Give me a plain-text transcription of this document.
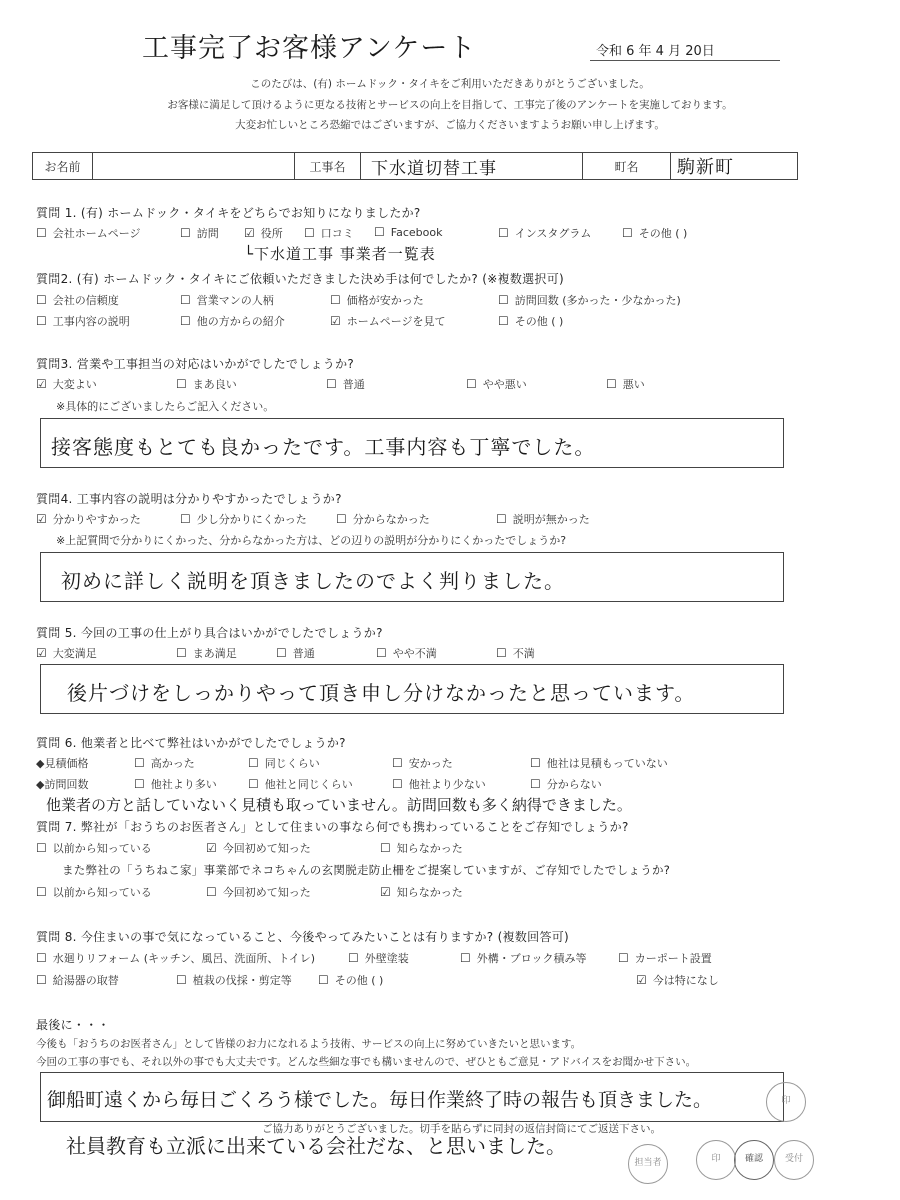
工事完了お客様アンケート	令和 6 年 4 月 20日
このたびは、(有) ホームドック・タイキをご利用いただきありがとうございました。
お客様に満足して頂けるように更なる技術とサービスの向上を目指して、工事完了後のアンケートを実施しております。
大変お忙しいところ恐縮ではございますが、ご協力くださいますようお願い申し上げます。
お名前	工事名	下水道切替工事	町名	駒新町
質問 1. (有) ホームドック・タイキをどちらでお知りになりましたか?
☐ 会社ホームページ	☐ 訪問	☑ 役所	☐ 口コミ	☐ Facebook	☐ インスタグラム	☐ その他 ( )
└下水道工事 事業者一覧表
質問2. (有) ホームドック・タイキにご依頼いただきました決め手は何でしたか? (※複数選択可)
☐ 会社の信頼度	☐ 営業マンの人柄	☐ 価格が安かった	☐ 訪問回数 (多かった・少なかった)
☐ 工事内容の説明	☐ 他の方からの紹介	☑ ホームページを見て	☐ その他 ( )
質問3. 営業や工事担当の対応はいかがでしたでしょうか?
☑ 大変よい	☐ まあ良い	☐ 普通	☐ やや悪い	☐ 悪い
※具体的にございましたらご記入ください。
接客態度もとても良かったです。工事内容も丁寧でした。
質問4. 工事内容の説明は分かりやすかったでしょうか?
☑ 分かりやすかった	☐ 少し分かりにくかった	☐ 分からなかった	☐ 説明が無かった
※上記質問で分かりにくかった、分からなかった方は、どの辺りの説明が分かりにくかったでしょうか?
初めに詳しく説明を頂きましたのでよく判りました。
質問 5. 今回の工事の仕上がり具合はいかがでしたでしょうか?
☑ 大変満足	☐ まあ満足	☐ 普通	☐ やや不満	☐ 不満
後片づけをしっかりやって頂き申し分けなかったと思っています。
質問 6. 他業者と比べて弊社はいかがでしたでしょうか?
◆見積価格	☐ 高かった	☐ 同じくらい	☐ 安かった	☐ 他社は見積もっていない
◆訪問回数	☐ 他社より多い	☐ 他社と同じくらい	☐ 他社より少ない	☐ 分からない
他業者の方と話していないく見積も取っていません。訪問回数も多く納得できました。
質問 7. 弊社が「おうちのお医者さん」として住まいの事なら何でも携わっていることをご存知でしょうか?
☐ 以前から知っている	☑ 今回初めて知った	☐ 知らなかった
また弊社の「うちねこ家」事業部でネコちゃんの玄関脱走防止柵をご提案していますが、ご存知でしたでしょうか?
☐ 以前から知っている	☐ 今回初めて知った	☑ 知らなかった
質問 8. 今住まいの事で気になっていること、今後やってみたいことは有りますか? (複数回答可)
☐ 水廻りリフォーム (キッチン、風呂、洗面所、トイレ)	☐ 外壁塗装	☐ 外構・ブロック積み等	☐ カーポート設置
☐ 給湯器の取替	☐ 植栽の伐採・剪定等	☐ その他 ( )	☑ 今は特になし
最後に・・・
今後も「おうちのお医者さん」として皆様のお力になれるよう技術、サービスの向上に努めていきたいと思います。
今回の工事の事でも、それ以外の事でも大丈夫です。どんな些細な事でも構いませんので、ぜひともご意見・アドバイスをお聞かせ下さい。
御船町遠くから毎日ごくろう様でした。毎日作業終了時の報告も頂きました。
ご協力ありがとうございました。切手を貼らずに同封の返信封筒にてご返送下さい。
社員教育も立派に出来ている会社だな、と思いました。
印
担当者	印	確認	受付
